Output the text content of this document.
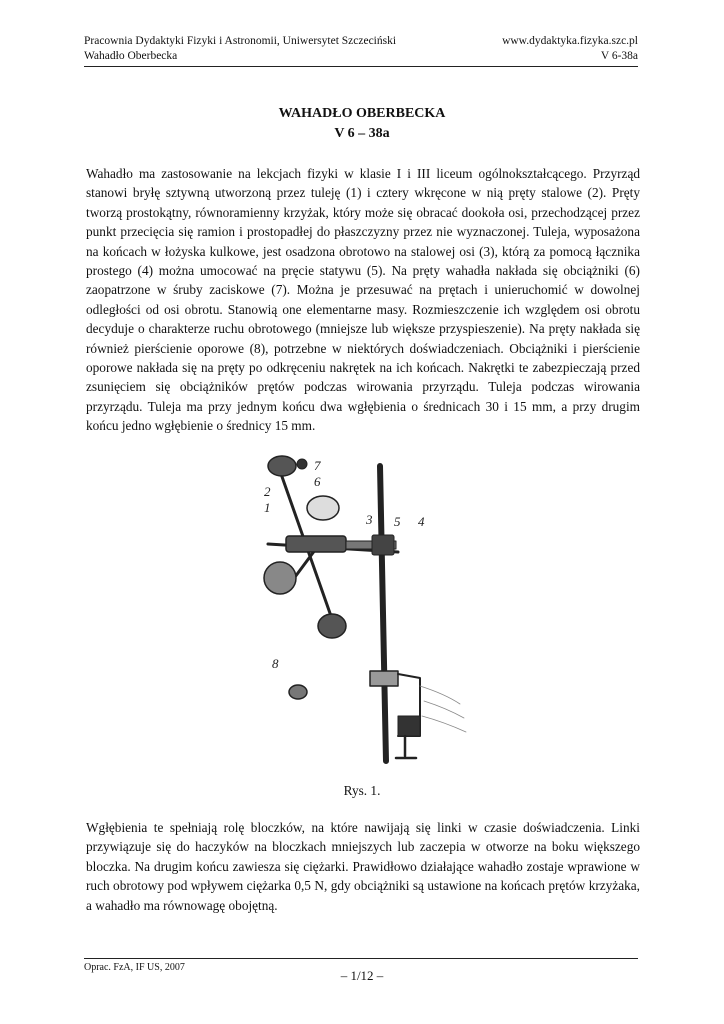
Pracownia Dydaktyki Fizyki i Astronomii, Uniwersytet Szczeciński
Wahadło Oberbecka
www.dydaktyka.fizyka.szc.pl
V 6-38a
WAHADŁO OBERBECKA
V 6 – 38a

Wahadło ma zastosowanie na lekcjach fizyki w klasie I i III liceum ogólnokształcącego. Przyrząd stanowi bryłę sztywną utworzoną przez tuleję (1) i cztery wkręcone w nią pręty stalowe (2). Pręty tworzą prostokątny, równoramienny krzyżak, który może się obracać dookoła osi, przechodzącej przez punkt przecięcia się ramion i prostopadłej do płaszczyzny przez nie wyznaczonej. Tuleja, wyposażona na końcach w łożyska kulkowe, jest osadzona obrotowo na stalowej osi (3), którą za pomocą łącznika prostego (4) można umocować na pręcie statywu (5). Na pręty wahadła nakłada się obciążniki (6) zaopatrzone w śruby zaciskowe (7). Można je przesuwać na prętach i unieruchomić w dowolnej odległości od osi obrotu. Stanowią one elementarne masy. Rozmieszczenie ich względem osi obrotu decyduje o charakterze ruchu obrotowego (mniejsze lub większe przyspieszenie). Na pręty nakłada się również pierścienie oporowe (8), potrzebne w niektórych doświadczeniach. Obciążniki i pierścienie oporowe nakłada się na pręty po odkręceniu nakrętek na ich końcach. Nakrętki te zabezpieczają przed zsunięciem się obciążników prętów podczas wirowania przyrządu. Tuleja podczas wirowania przyrządu. Tuleja ma przy jednym końcu dwa wgłębienia o średnicach 30 i 15 mm, a przy drugim końcu jedno wgłębienie o średnicy 15 mm.

7
6
2
1
3 5 4
8
Rys. 1.

Wgłębienia te spełniają rolę bloczków, na które nawijają się linki w czasie doświadczenia. Linki przywiązuje się do haczyków na bloczkach mniejszych lub zaczepia w otworze na boku większego bloczka. Na drugim końcu zawiesza się ciężarki. Prawidłowo działające wahadło zostaje wprawione w ruch obrotowy pod wpływem ciężarka 0,5 N, gdy obciążniki są ustawione na końcach prętów krzyżaka, a wahadło ma równowagę obojętną.

Oprac. FzA, IF US, 2007
– 1/12 –
